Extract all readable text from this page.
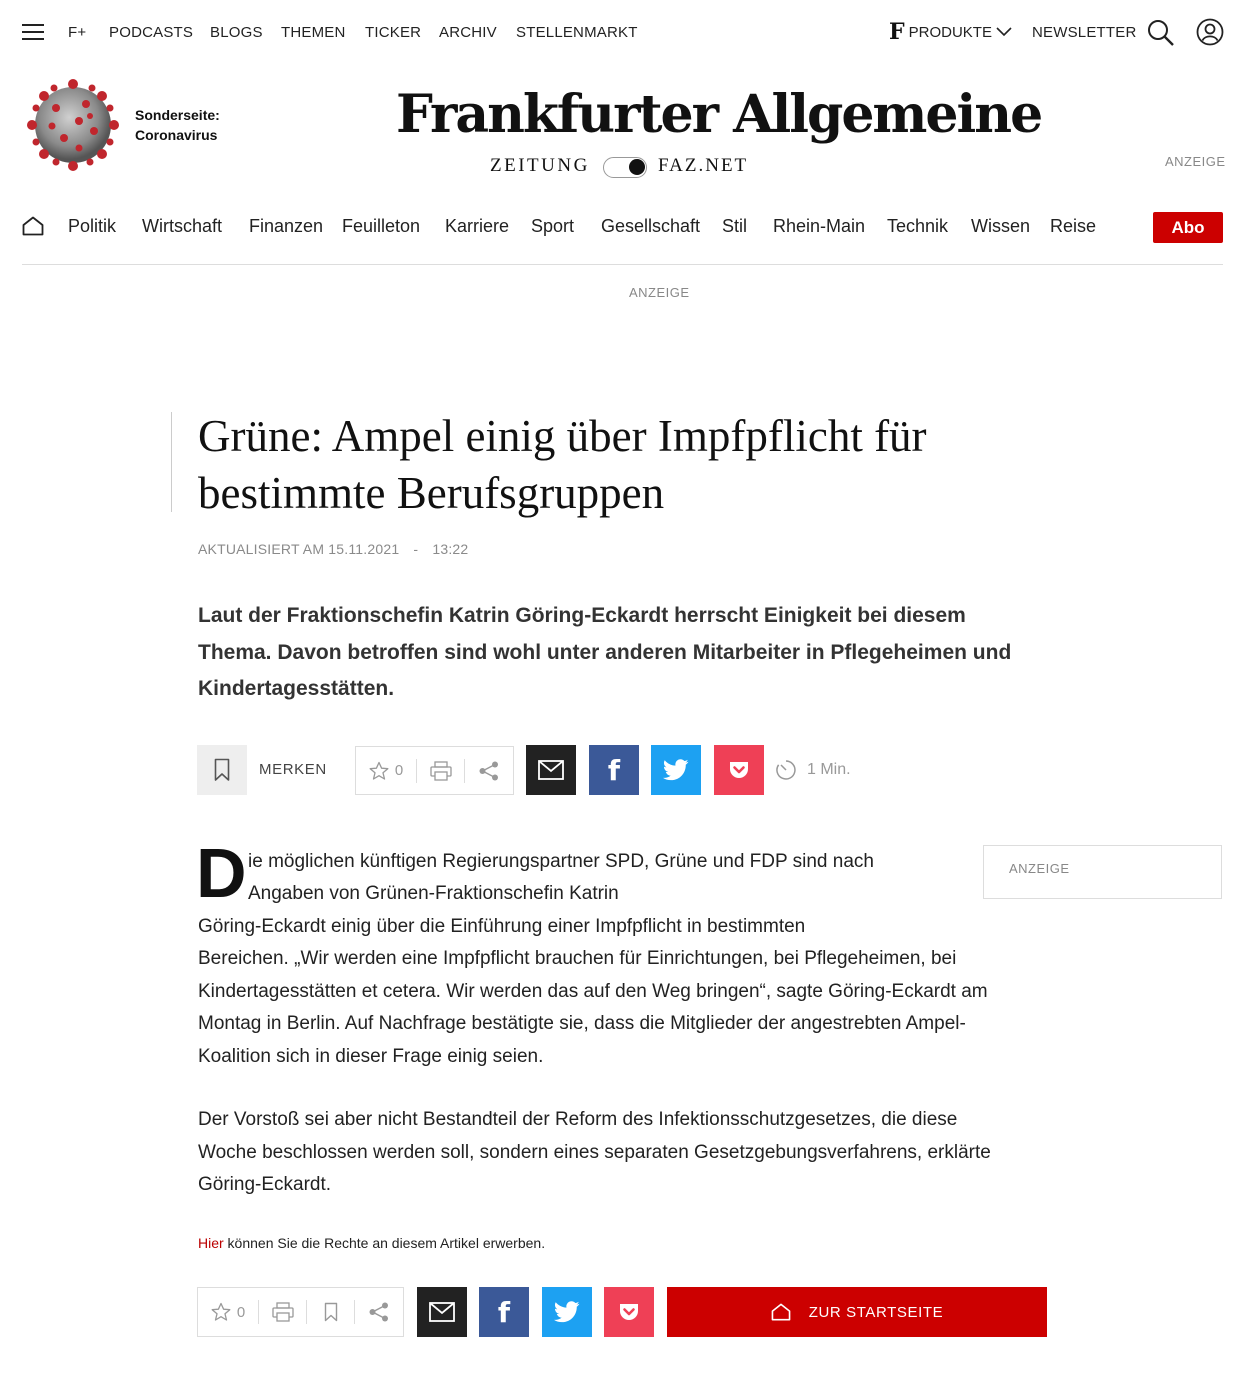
F+ PODCASTS BLOGS THEMEN TICKER ARCHIV STELLENMARKT	F PRODUKTE	NEWSLETTER
Sonderseite:
Coronavirus	Frankfurter Allgemeine
ZEITUNG	FAZ.NET	ANZEIGE
Politik Wirtschaft Finanzen Feuilleton Karriere Sport Gesellschaft Stil Rhein-Main Technik Wissen Reise	Abo
ANZEIGE
Grüne: Ampel einig über Impfpflicht für bestimmte Berufsgruppen
AKTUALISIERT AM 15.11.2021 - 13:22

Laut der Fraktionschefin Katrin Göring-Eckardt herrscht Einigkeit bei diesem Thema. Davon betroffen sind wohl unter anderen Mitarbeiter in Pflegeheimen und Kindertagesstätten.

MERKEN	0	f	1 Min.
D ie möglichen künftigen Regierungspartner SPD, Grüne und FDP sind nach
Angaben von Grünen-Fraktionschefin Katrin
Göring-Eckardt einig über die Einführung einer Impfpflicht in bestimmten
Bereichen. „Wir werden eine Impfpflicht brauchen für Einrichtungen, bei Pflegeheimen, bei
Kindertagesstätten et cetera. Wir werden das auf den Weg bringen“, sagte Göring-Eckardt am
Montag in Berlin. Auf Nachfrage bestätigte sie, dass die Mitglieder der angestrebten Ampel-
Koalition sich in dieser Frage einig seien.
Der Vorstoß sei aber nicht Bestandteil der Reform des Infektionsschutzgesetzes, die diese
Woche beschlossen werden soll, sondern eines separaten Gesetzgebungsverfahrens, erklärte
Göring-Eckardt.
ANZEIGE
Hier können Sie die Rechte an diesem Artikel erwerben.
0	f	ZUR STARTSEITE
